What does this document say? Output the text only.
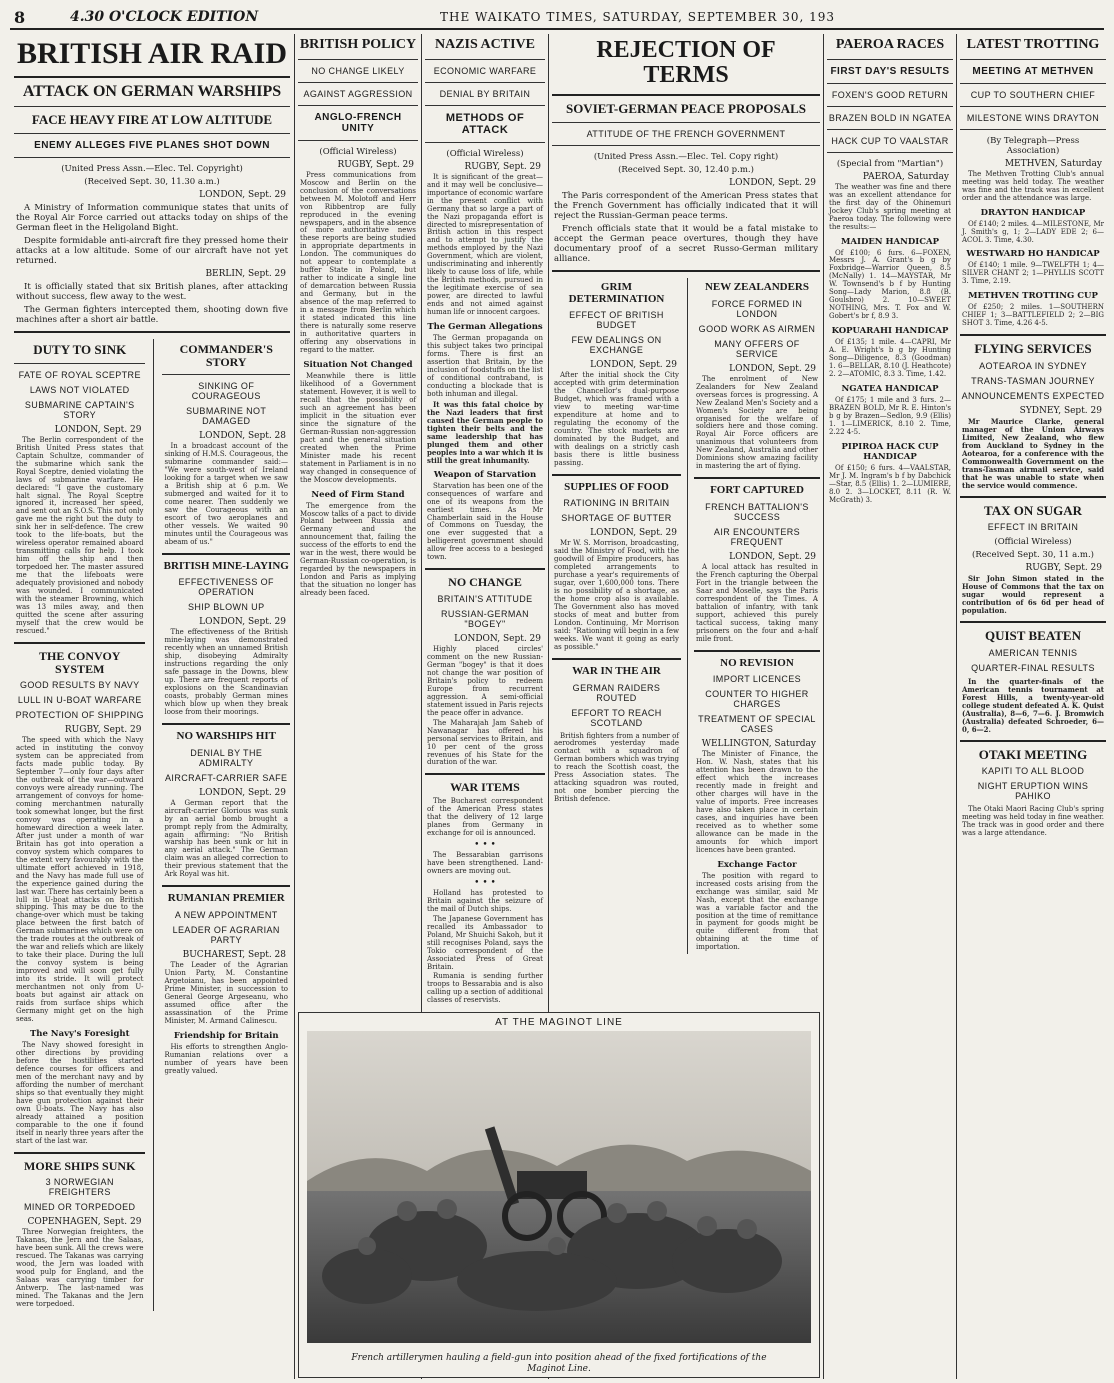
8	4.30 O'CLOCK EDITION	THE WAIKATO TIMES, SATURDAY, SEPTEMBER 30, 193
BRITISH AIR RAID
ATTACK ON GERMAN WARSHIPS
FACE HEAVY FIRE AT LOW ALTITUDE
ENEMY ALLEGES FIVE PLANES SHOT DOWN
(United Press Assn.—Elec. Tel. Copyright)
(Received Sept. 30, 11.30 a.m.)
LONDON, Sept. 29

A Ministry of Information communique states that units of the Royal Air Force carried out attacks today on ships of the German fleet in the Heligoland Bight.

Despite formidable anti-aircraft fire they pressed home their attacks at a low altitude. Some of our aircraft have not yet returned.

BERLIN, Sept. 29

It is officially stated that six British planes, after attacking without success, flew away to the west.

The German fighters intercepted them, shooting down five machines after a short air battle.

DUTY TO SINK
FATE OF ROYAL SCEPTRE
LAWS NOT VIOLATED
SUBMARINE CAPTAIN'S STORY
LONDON, Sept. 29
The Berlin correspondent of the British United Press states that Captain Schultze, commander of the submarine which sank the Royal Sceptre, denied violating the laws of submarine warfare. He declared: "I gave the customary halt signal. The Royal Sceptre ignored it, increased her speed, and sent out an S.O.S. This not only gave me the right but the duty to sink her in self-defence. The crew took to the life-boats, but the wireless operator remained aboard transmitting calls for help. I took him off the ship and then torpedoed her. The master assured me that the lifeboats were adequately provisioned and nobody was wounded. I communicated with the steamer Browning, which was 13 miles away, and then quitted the scene after assuring myself that the crew would be rescued."
THE CONVOY SYSTEM
GOOD RESULTS BY NAVY
LULL IN U-BOAT WARFARE
PROTECTION OF SHIPPING
RUGBY, Sept. 29
The speed with which the Navy acted in instituting the convoy system can be appreciated from facts made public today. By September 7—only four days after the outbreak of the war—outward convoys were already running. The arrangement of convoys for home-coming merchantmen naturally took somewhat longer, but the first convoy was operating in a homeward direction a week later. After just under a month of war Britain has got into operation a convoy system which compares to the extent very favourably with the ultimate effort achieved in 1918, and the Navy has made full use of the experience gained during the last war. There has certainly been a lull in U-boat attacks on British shipping. This may be due to the change-over which must be taking place between the first batch of German submarines which were on the trade routes at the outbreak of the war and reliefs which are likely to take their place. During the lull the convoy system is being improved and will soon get fully into its stride. It will protect merchantmen not only from U-boats but against air attack on raids from surface ships which Germany might get on the high seas.
The Navy's Foresight
The Navy showed foresight in other directions by providing before the hostilities started defence courses for officers and men of the merchant navy and by affording the number of merchant ships so that eventually they might have gun protection against their own U-boats. The Navy has also already attained a position comparable to the one it found itself in nearly three years after the start of the last war.
MORE SHIPS SUNK
3 NORWEGIAN FREIGHTERS
MINED OR TORPEDOED
COPENHAGEN, Sept. 29
Three Norwegian freighters, the Takanas, the Jern and the Salaas, have been sunk. All the crews were rescued. The Takanas was carrying wood, the Jern was loaded with wood pulp for England, and the Salaas was carrying timber for Antwerp. The last-named was mined. The Takanas and the Jern were torpedoed.
COMMANDER'S STORY
SINKING OF COURAGEOUS
SUBMARINE NOT DAMAGED
LONDON, Sept. 28
In a broadcast account of the sinking of H.M.S. Courageous, the submarine commander said:— "We were south-west of Ireland looking for a target when we saw a British ship at 6 p.m. We submerged and waited for it to come nearer. Then suddenly we saw the Courageous with an escort of two aeroplanes and other vessels. We waited 90 minutes until the Courageous was abeam of us."
BRITISH MINE-LAYING
EFFECTIVENESS OF OPERATION
SHIP BLOWN UP
LONDON, Sept. 29
The effectiveness of the British mine-laying was demonstrated recently when an unnamed British ship, disobeying Admiralty instructions regarding the only safe passage in the Downs, blew up. There are frequent reports of explosions on the Scandinavian coasts, probably German mines which blow up when they break loose from their moorings.
NO WARSHIPS HIT
DENIAL BY THE ADMIRALTY
AIRCRAFT-CARRIER SAFE
LONDON, Sept. 29
A German report that the aircraft-carrier Glorious was sunk by an aerial bomb brought a prompt reply from the Admiralty, again affirming: "No British warship has been sunk or hit in any aerial attack." The German claim was an alleged correction to their previous statement that the Ark Royal was hit.
RUMANIAN PREMIER
A NEW APPOINTMENT
LEADER OF AGRARIAN PARTY
BUCHAREST, Sept. 28
The Leader of the Agrarian Union Party, M. Constantine Argetoianu, has been appointed Prime Minister, in succession to General George Argeseanu, who assumed office after the assassination of the Prime Minister, M. Armand Calinescu.
Friendship for Britain
His efforts to strengthen Anglo-Rumanian relations over a number of years have been greatly valued.
BRITISH POLICY
NO CHANGE LIKELY
AGAINST AGGRESSION
ANGLO-FRENCH UNITY
(Official Wireless)
RUGBY, Sept. 29
Press communications from Moscow and Berlin on the conclusion of the conversations between M. Molotoff and Herr von Ribbentrop are fully reproduced in the evening newspapers, and in the absence of more authoritative news these reports are being studied in appropriate departments in London. The communiques do not appear to contemplate a buffer State in Poland, but rather to indicate a single line of demarcation between Russia and Germany, but in the absence of the map referred to in a message from Berlin which it stated indicated this line there is naturally some reserve in authoritative quarters in offering any observations in regard to the matter.
Situation Not Changed
Meanwhile there is little likelihood of a Government statement. However, it is well to recall that the possibility of such an agreement has been implicit in the situation ever since the signature of the German-Russian non-aggression pact and the general situation created when the Prime Minister made his recent statement in Parliament is in no way changed in consequence of the Moscow developments.
Need of Firm Stand
The emergence from the Moscow talks of a pact to divide Poland between Russia and Germany and the announcement that, failing the success of the efforts to end the war in the west, there would be German-Russian co-operation, is regarded by the newspapers in London and Paris as implying that the situation no longer has already been faced.
NAZIS ACTIVE
ECONOMIC WARFARE
DENIAL BY BRITAIN
METHODS OF ATTACK
(Official Wireless)
RUGBY, Sept. 29
It is significant of the great—and it may well be conclusive—importance of economic warfare in the present conflict with Germany that so large a part of the Nazi propaganda effort is directed to misrepresentation of British action in this respect and to attempt to justify the methods employed by the Nazi Government, which are violent, undiscriminating and inherently likely to cause loss of life, while the British methods, pursued in the legitimate exercise of sea power, are directed to lawful ends and not aimed against human life or innocent cargoes.
The German Allegations
The German propaganda on this subject takes two principal forms. There is first an assertion that Britain, by the inclusion of foodstuffs on the list of conditional contraband, is conducting a blockade that is both inhuman and illegal.
It was this fatal choice by the Nazi leaders that first caused the German people to tighten their belts and the same leadership that has plunged them and other peoples into a war which it is still the great inhumanity.
Weapon of Starvation
Starvation has been one of the consequences of warfare and one of its weapons from the earliest times. As Mr Chamberlain said in the House of Commons on Tuesday, the one ever suggested that a belligerent government should allow free access to a besieged town.
NO CHANGE
BRITAIN'S ATTITUDE
RUSSIAN-GERMAN "BOGEY"
LONDON, Sept. 29
Highly placed circles' comment on the new Russian-German "bogey" is that it does not change the war position of Britain's policy to redeem Europe from recurrent aggression. A semi-official statement issued in Paris rejects the peace offer in advance.
The Maharajah Jam Saheb of Nawanagar has offered his personal services to Britain, and 10 per cent of the gross revenues of his State for the duration of the war.
WAR ITEMS
The Bucharest correspondent of the American Press states that the delivery of 12 large planes from Germany in exchange for oil is announced.
• • •
The Bessarabian garrisons have been strengthened. Land-owners are moving out.
• • •
Holland has protested to Britain against the seizure of the mail of Dutch ships.
The Japanese Government has recalled its Ambassador to Poland, Mr Shuichi Sakoh, but it still recognises Poland, says the Tokio correspondent of the Associated Press of Great Britain.
Rumania is sending further troops to Bessarabia and is also calling up a section of additional classes of reservists.
REJECTION OF TERMS
SOVIET-GERMAN PEACE PROPOSALS
ATTITUDE OF THE FRENCH GOVERNMENT
(United Press Assn.—Elec. Tel. Copy right)
(Received Sept. 30, 12.40 p.m.)
LONDON, Sept. 29

The Paris correspondent of the American Press states that the French Government has officially indicated that it will reject the Russian-German peace terms.

French officials state that it would be a fatal mistake to accept the German peace overtures, though they have documentary proof of a secret Russo-German military alliance.

GRIM DETERMINATION
EFFECT OF BRITISH BUDGET
FEW DEALINGS ON EXCHANGE
LONDON, Sept. 29
After the initial shock the City accepted with grim determination the Chancellor's dual-purpose Budget, which was framed with a view to meeting war-time expenditure at home and to regulating the economy of the country. The stock markets are dominated by the Budget, and with dealings on a strictly cash basis there is little business passing.
SUPPLIES OF FOOD
RATIONING IN BRITAIN
SHORTAGE OF BUTTER
LONDON, Sept. 29
Mr W. S. Morrison, broadcasting, said the Ministry of Food, with the goodwill of Empire producers, has completed arrangements to purchase a year's requirements of sugar, over 1,600,000 tons. There is no possibility of a shortage, as the home crop also is available. The Government also has moved stocks of meat and butter from London. Continuing, Mr Morrison said: "Rationing will begin in a few weeks. We want it going as early as possible."
WAR IN THE AIR
GERMAN RAIDERS ROUTED
EFFORT TO REACH SCOTLAND
British fighters from a number of aerodromes yesterday made contact with a squadron of German bombers which was trying to reach the Scottish coast, the Press Association states. The attacking squadron was routed, not one bomber piercing the British defence.
NEW ZEALANDERS
FORCE FORMED IN LONDON
GOOD WORK AS AIRMEN
MANY OFFERS OF SERVICE
LONDON, Sept. 29
The enrolment of New Zealanders for New Zealand overseas forces is progressing. A New Zealand Men's Society and a Women's Society are being organised for the welfare of soldiers here and those coming. Royal Air Force officers are unanimous that volunteers from New Zealand, Australia and other Dominions show amazing facility in mastering the art of flying.
FORT CAPTURED
FRENCH BATTALION'S SUCCESS
AIR ENCOUNTERS FREQUENT
LONDON, Sept. 29
A local attack has resulted in the French capturing the Oberpal Fort in the triangle between the Saar and Moselle, says the Paris correspondent of the Times. A battalion of infantry, with tank support, achieved this purely tactical success, taking many prisoners on the four and a-half mile front.
NO REVISION
IMPORT LICENCES
COUNTER TO HIGHER CHARGES
TREATMENT OF SPECIAL CASES
WELLINGTON, Saturday
The Minister of Finance, the Hon. W. Nash, states that his attention has been drawn to the effect which the increases recently made in freight and other charges will have in the value of imports. Free increases have also taken place in certain cases, and inquiries have been received as to whether some allowance can be made in the amounts for which import licences have been granted.
Exchange Factor
The position with regard to increased costs arising from the exchange was similar, said Mr Nash, except that the exchange was a variable factor and the position at the time of remittance in payment for goods might be quite different from that obtaining at the time of importation.
PAEROA RACES
FIRST DAY'S RESULTS
FOXEN'S GOOD RETURN
BRAZEN BOLD IN NGATEA
HACK CUP TO VAALSTAR
(Special from "Martian")
PAEROA, Saturday
The weather was fine and there was an excellent attendance for the first day of the Ohinemuri Jockey Club's spring meeting at Paeroa today. The following were the results:—
MAIDEN HANDICAP
Of £100; 6 furs. 6—FOXEN, Messrs J. A. Grant's b g by Foxbridge—Warrior Queen, 8.5 (McNally) 1. 14—MAYSTAR, Mr W. Townsend's b f by Hunting Song—Lady Marion, 8.8 (B. Goulsbro) 2. 10—SWEET NOTHING, Mrs. T. Fox and W. Gobert's br f, 8.9 3.
KOPUARAHI HANDICAP
Of £135; 1 mile. 4—CAPRI, Mr A. E. Wright's b g by Hunting Song—Diligence, 8.3 (Goodman) 1. 6—BELLAR, 8.10 (J. Heathcote) 2. 2—ATOMIC, 8.3 3. Time, 1.42.
NGATEA HANDICAP
Of £175; 1 mile and 3 furs. 2—BRAZEN BOLD, Mr R. E. Hinton's b g by Brazen—Sedlon, 9.9 (Ellis) 1. 1—LIMERICK, 8.10 2. Time, 2.22 4-5.
PIPIROA HACK CUP HANDICAP
Of £150; 6 furs. 4—VAALSTAR, Mr J. M. Ingram's b f by Dabchick—Star, 8.5 (Ellis) 1. 2—LUMIERE, 8.0 2. 3—LOCKET, 8.11 (R. W. McGrath) 3.
LATEST TROTTING
MEETING AT METHVEN
CUP TO SOUTHERN CHIEF
MILESTONE WINS DRAYTON
(By Telegraph—Press Association)
METHVEN, Saturday
The Methven Trotting Club's annual meeting was held today. The weather was fine and the track was in excellent order and the attendance was large.
DRAYTON HANDICAP
Of £140; 2 miles. 4—MILESTONE, Mr J. Smith's g, 1; 2—LADY EDE 2; 6—ACOL 3. Time, 4.30.
WESTWARD HO HANDICAP
Of £140; 1 mile. 9—TWELFTH 1; 4—SILVER CHANT 2; 1—PHYLLIS SCOTT 3. Time, 2.19.
METHVEN TROTTING CUP
Of £250; 2 miles. 1—SOUTHERN CHIEF 1; 3—BATTLEFIELD 2; 2—BIG SHOT 3. Time, 4.26 4-5.
FLYING SERVICES
AOTEAROA IN SYDNEY
TRANS-TASMAN JOURNEY
ANNOUNCEMENTS EXPECTED
SYDNEY, Sept. 29
Mr Maurice Clarke, general manager of the Union Airways Limited, New Zealand, who flew from Auckland to Sydney in the Aotearoa, for a conference with the Commonwealth Government on the trans-Tasman airmail service, said that he was unable to state when the service would commence.
TAX ON SUGAR
EFFECT IN BRITAIN
(Official Wireless)
(Received Sept. 30, 11 a.m.)
RUGBY, Sept. 29
Sir John Simon stated in the House of Commons that the tax on sugar would represent a contribution of 6s 6d per head of population.
QUIST BEATEN
AMERICAN TENNIS
QUARTER-FINAL RESULTS
In the quarter-finals of the American tennis tournament at Forest Hills, a twenty-year-old college student defeated A. K. Quist (Australia), 8—6, 7—6. J. Bromwich (Australia) defeated Schroeder, 6—0, 6—2.
OTAKI MEETING
KAPITI TO ALL BLOOD
NIGHT ERUPTION WINS PAHIKO
The Otaki Maori Racing Club's spring meeting was held today in fine weather. The track was in good order and there was a large attendance.
AT THE MAGINOT LINE
French artillerymen hauling a field-gun into position ahead of the fixed fortifications of the
Maginot Line.
